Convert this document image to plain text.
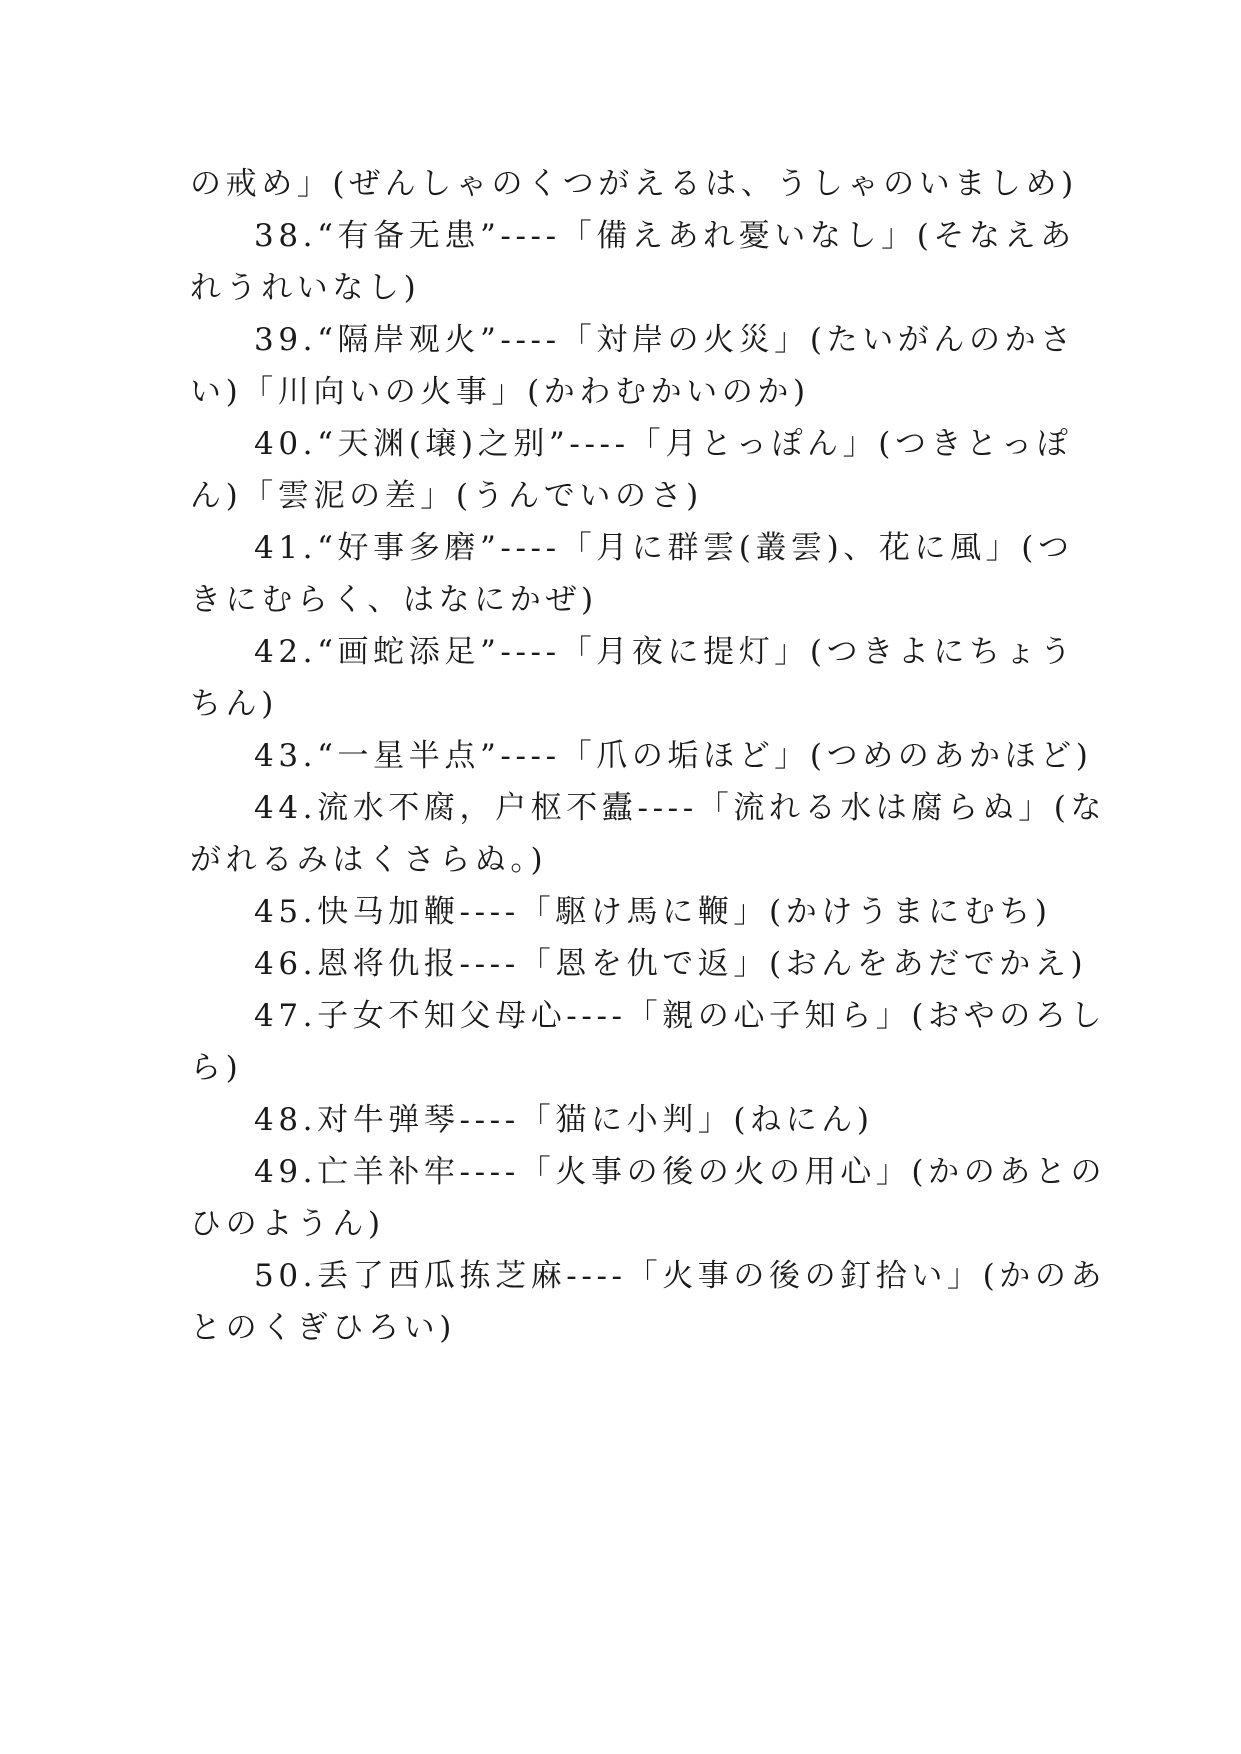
の戒め」(ぜんしゃのくつがえるは、うしゃのいましめ)
38.“有备无患”----「備えあれ憂いなし」(そなえあ
れうれいなし)
39.“隔岸观火”----「対岸の火災」(たいがんのかさ
い)「川向いの火事」(かわむかいのか)
40.“天渊(壌)之别”----「月とっぽん」(つきとっぽ
ん)「雲泥の差」(うんでいのさ)
41.“好事多磨”----「月に群雲(叢雲)、花に風」(つ
きにむらく、はなにかぜ)
42.“画蛇添足”----「月夜に提灯」(つきよにちょう
ちん)
43.“一星半点”----「爪の垢ほど」(つめのあかほど)
44.流水不腐，户枢不蠹----「流れる水は腐らぬ」(な
がれるみはくさらぬ。)
45.快马加鞭----「駆け馬に鞭」(かけうまにむち)
46.恩将仇报----「恩を仇で返」(おんをあだでかえ)
47.子女不知父母心----「親の心子知ら」(おやのろし
ら)
48.对牛弹琴----「猫に小判」(ねにん)
49.亡羊补牢----「火事の後の火の用心」(かのあとの
ひのようん)
50.丢了西瓜拣芝麻----「火事の後の釘拾い」(かのあ
とのくぎひろい)
